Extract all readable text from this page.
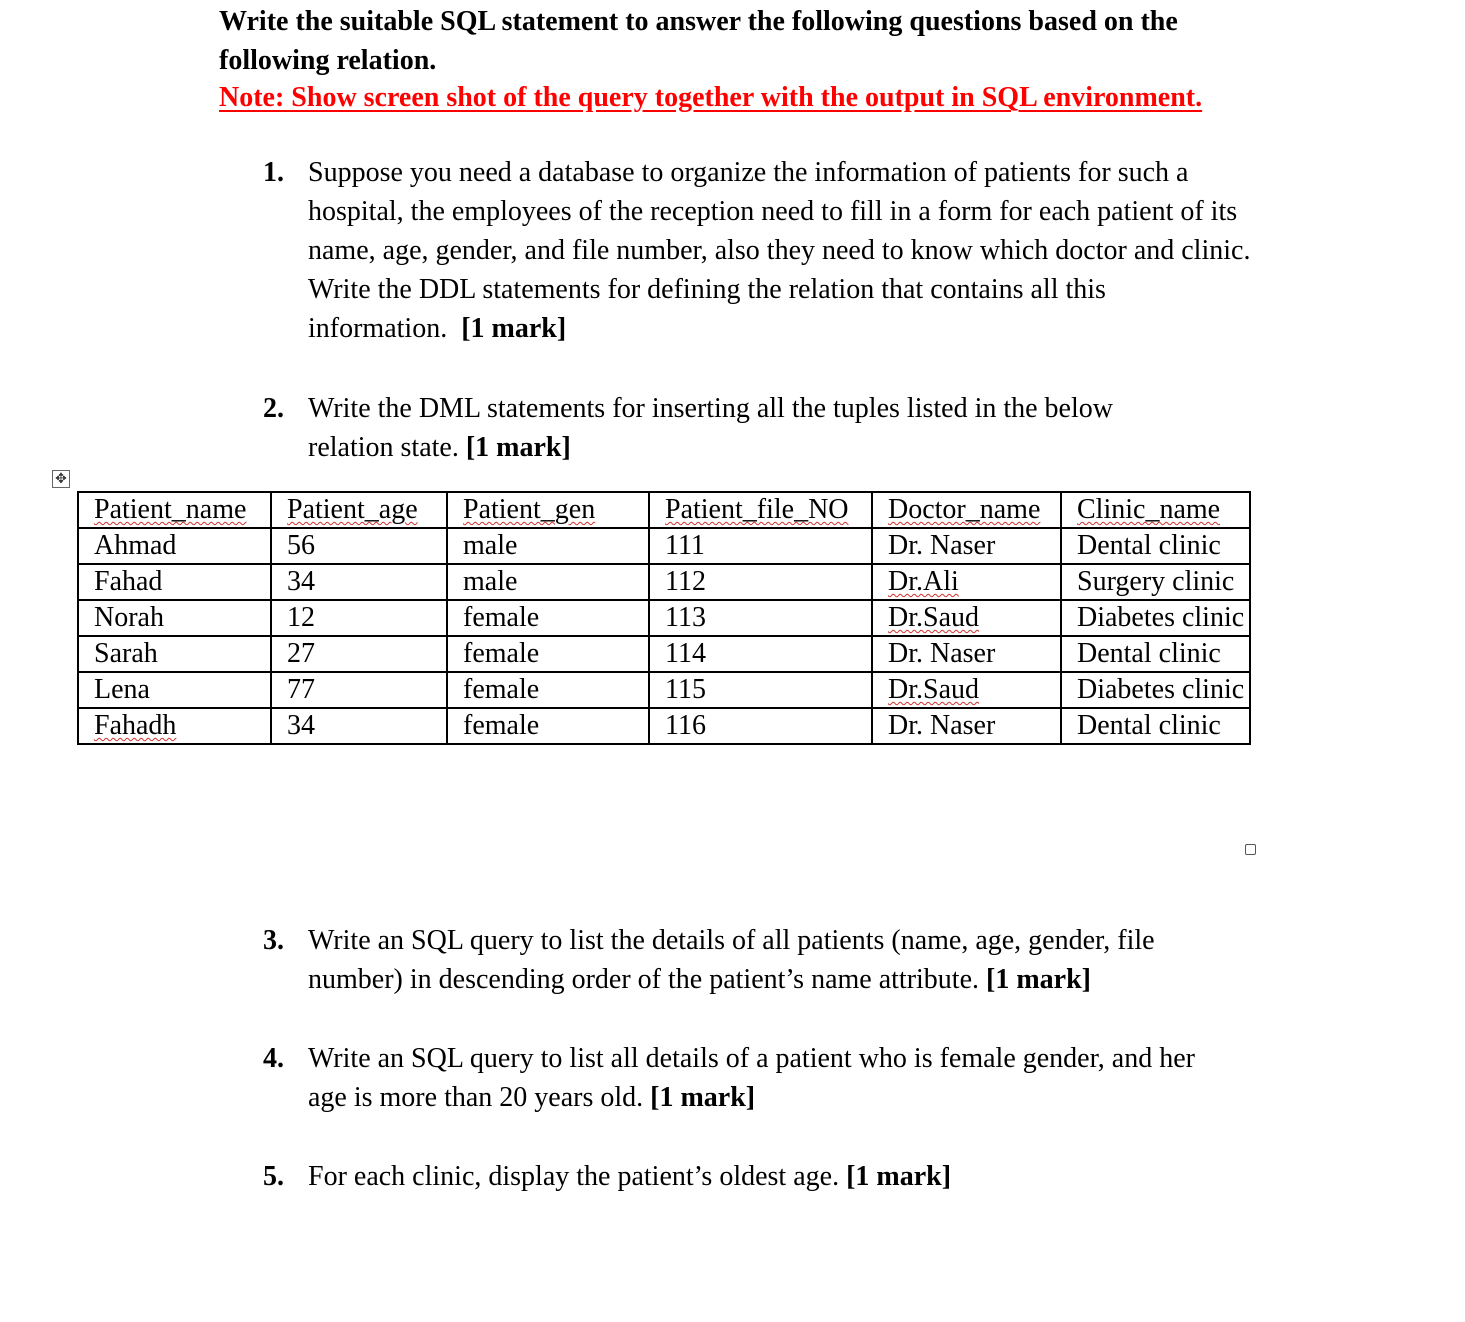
Write the suitable SQL statement to answer the following questions based on the
following relation.
Note: Show screen shot of the query together with the output in SQL environment.
1. Suppose you need a database to organize the information of patients for such a hospital, the employees of the reception need to fill in a form for each patient of its name, age, gender, and file number, also they need to know which doctor and clinic. Write the DDL statements for defining the relation that contains all this information. [1 mark]
2. Write the DML statements for inserting all the tuples listed in the below relation state. [1 mark]
✥
Patient_name	Patient_age	Patient_gen	Patient_file_NO	Doctor_name	Clinic_name
Ahmad	56	male	111	Dr. Naser	Dental clinic
Fahad	34	male	112	Dr.Ali	Surgery clinic
Norah	12	female	113	Dr.Saud	Diabetes clinic
Sarah	27	female	114	Dr. Naser	Dental clinic
Lena	77	female	115	Dr.Saud	Diabetes clinic
Fahadh	34	female	116	Dr. Naser	Dental clinic
3. Write an SQL query to list the details of all patients (name, age, gender, file number) in descending order of the patient’s name attribute. [1 mark]
4. Write an SQL query to list all details of a patient who is female gender, and her age is more than 20 years old. [1 mark]
5. For each clinic, display the patient’s oldest age. [1 mark]
